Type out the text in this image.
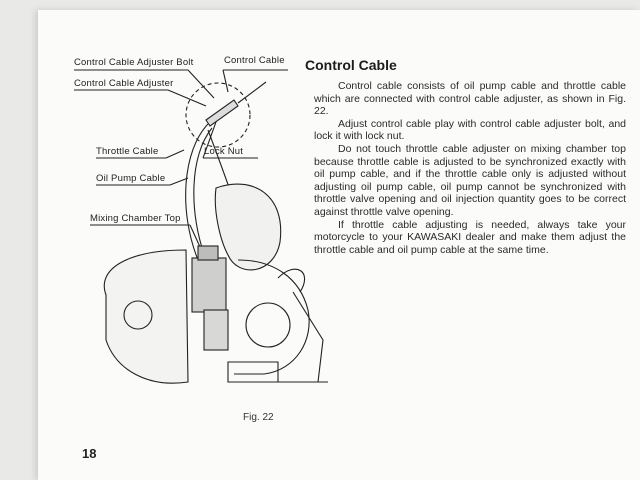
Control Cable Adjuster Bolt	Control Cable
Control Cable Adjuster
Throttle Cable	Lock Nut
Oil Pump Cable
Mixing Chamber Top
Control Cable

Control cable consists of oil pump cable and throttle cable which are connected with control cable adjuster, as shown in Fig. 22.

Adjust control cable play with control cable adjuster bolt, and lock it with lock nut.

Do not touch throttle cable adjuster on mixing chamber top because throttle cable is adjusted to be synchronized exactly with oil pump cable, and if the throttle cable only is adjusted without adjusting oil pump cable, oil pump cannot be synchronized with throttle valve opening and oil injection quantity goes to be correct against throttle valve opening.

If throttle cable adjusting is needed, always take your motorcycle to your KAWASAKI dealer and make them adjust the throttle cable and oil pump cable at the same time.

Fig. 22
18
